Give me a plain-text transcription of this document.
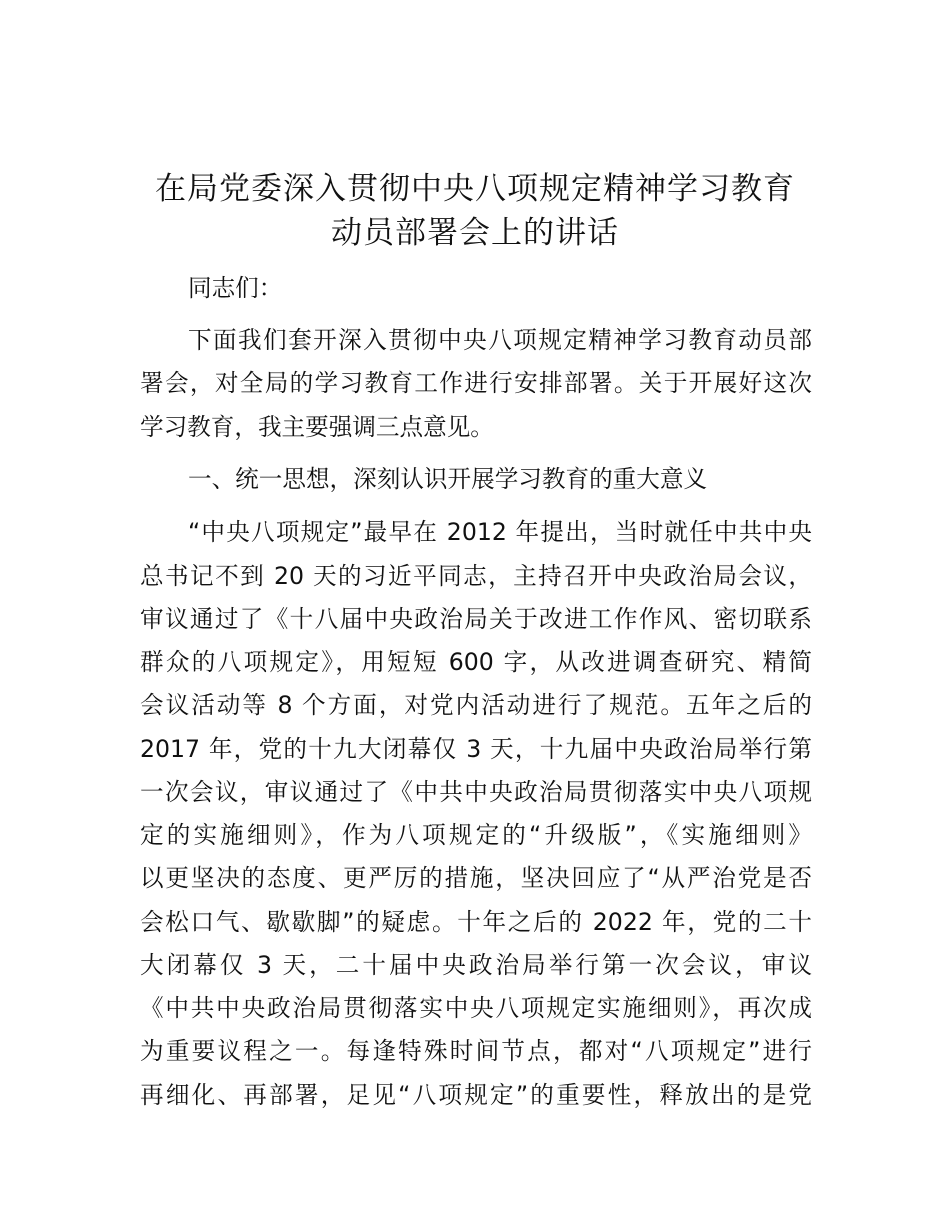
在局党委深入贯彻中央八项规定精神学习教育
动员部署会上的讲话
同志们：
下面我们套开深入贯彻中央八项规定精神学习教育动员部
署会，对全局的学习教育工作进行安排部署。关于开展好这次
学习教育，我主要强调三点意见。
一、统一思想，深刻认识开展学习教育的重大意义
“中央八项规定”最早在 2012 年提出，当时就任中共中央
总书记不到 20 天的习近平同志，主持召开中央政治局会议，
审议通过了《十八届中央政治局关于改进工作作风、密切联系
群众的八项规定》，用短短 600 字，从改进调查研究、精简
会议活动等 8 个方面，对党内活动进行了规范。五年之后的
2017 年，党的十九大闭幕仅 3 天，十九届中央政治局举行第
一次会议，审议通过了《中共中央政治局贯彻落实中央八项规
定的实施细则》，作为八项规定的“升级版”，《实施细则》
以更坚决的态度、更严厉的措施，坚决回应了“从严治党是否
会松口气、歇歇脚”的疑虑。十年之后的 2022 年，党的二十
大闭幕仅 3 天，二十届中央政治局举行第一次会议，审议
《中共中央政治局贯彻落实中央八项规定实施细则》，再次成
为重要议程之一。每逢特殊时间节点，都对“八项规定”进行
再细化、再部署，足见“八项规定”的重要性，释放出的是党
